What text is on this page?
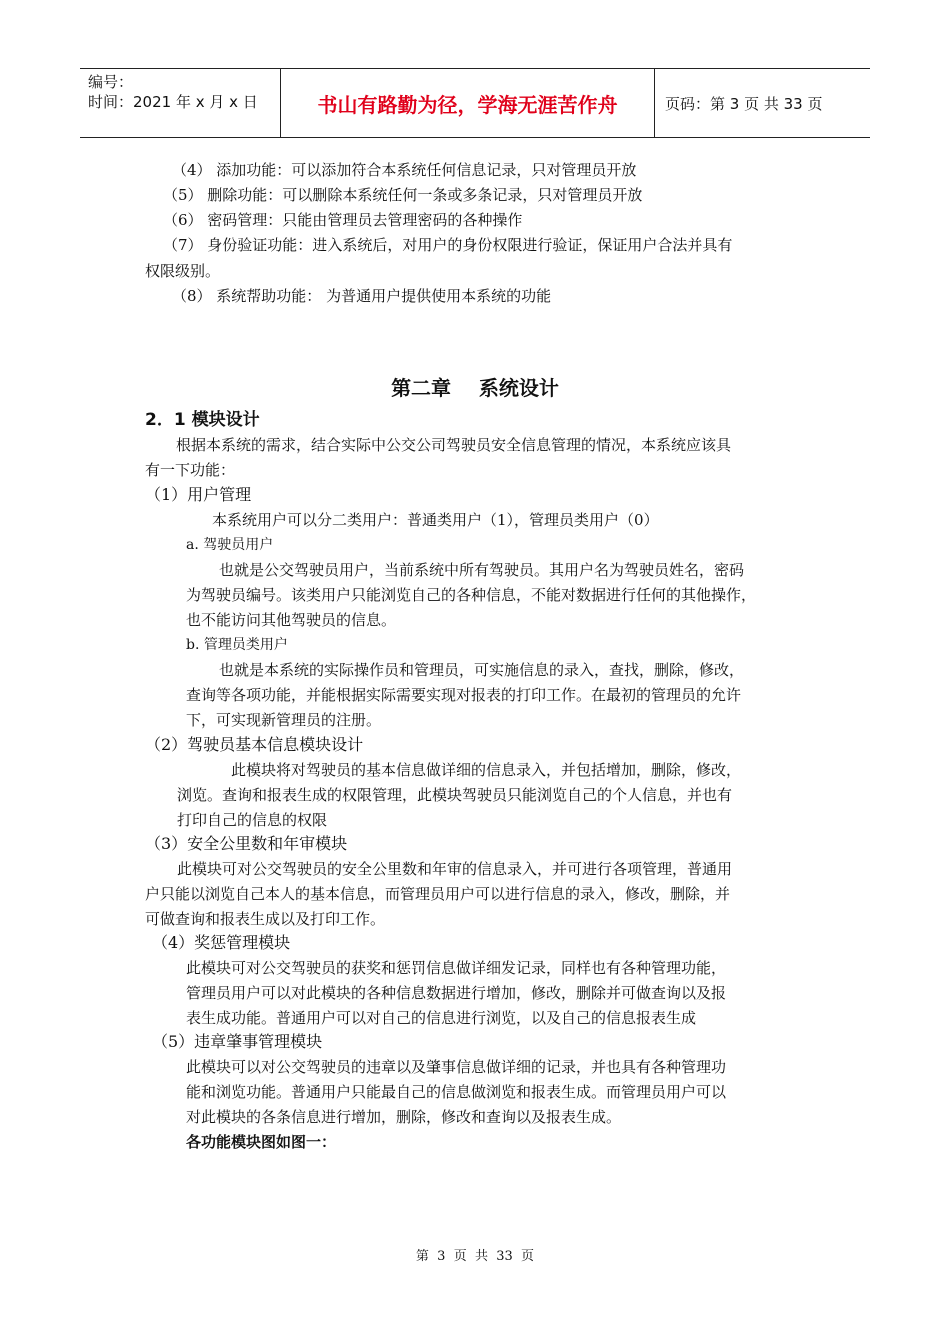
编号：
时间：2021 年 x 月 x 日	书山有路勤为径，学海无涯苦作舟	页码：第 3 页 共 33 页
（4） 添加功能：可以添加符合本系统任何信息记录，只对管理员开放
（5） 删除功能：可以删除本系统任何一条或多条记录，只对管理员开放
（6） 密码管理：只能由管理员去管理密码的各种操作
（7） 身份验证功能：进入系统后，对用户的身份权限进行验证，保证用户合法并具有
权限级别。
（8） 系统帮助功能： 为普通用户提供使用本系统的功能
第二章    系统设计
2．1 模块设计
根据本系统的需求，结合实际中公交公司驾驶员安全信息管理的情况，本系统应该具
有一下功能：
（1）用户管理
本系统用户可以分二类用户：普通类用户（1），管理员类用户（0）
a. 驾驶员用户
也就是公交驾驶员用户，当前系统中所有驾驶员。其用户名为驾驶员姓名，密码
为驾驶员编号。该类用户只能浏览自己的各种信息，不能对数据进行任何的其他操作，
也不能访问其他驾驶员的信息。
b. 管理员类用户
也就是本系统的实际操作员和管理员，可实施信息的录入，查找，删除，修改，
查询等各项功能，并能根据实际需要实现对报表的打印工作。在最初的管理员的允许
下，可实现新管理员的注册。
（2）驾驶员基本信息模块设计
此模块将对驾驶员的基本信息做详细的信息录入，并包括增加，删除，修改，
浏览。查询和报表生成的权限管理，此模块驾驶员只能浏览自己的个人信息，并也有
打印自己的信息的权限
（3）安全公里数和年审模块
此模块可对公交驾驶员的安全公里数和年审的信息录入，并可进行各项管理，普通用
户只能以浏览自己本人的基本信息，而管理员用户可以进行信息的录入，修改，删除，并
可做查询和报表生成以及打印工作。
（4）奖惩管理模块
此模块可对公交驾驶员的获奖和惩罚信息做详细发记录，同样也有各种管理功能，
管理员用户可以对此模块的各种信息数据进行增加，修改，删除并可做查询以及报
表生成功能。普通用户可以对自己的信息进行浏览，以及自己的信息报表生成
（5）违章肇事管理模块
此模块可以对公交驾驶员的违章以及肇事信息做详细的记录，并也具有各种管理功
能和浏览功能。普通用户只能最自己的信息做浏览和报表生成。而管理员用户可以
对此模块的各条信息进行增加，删除，修改和查询以及报表生成。
各功能模块图如图一：
第  3  页  共  33  页
